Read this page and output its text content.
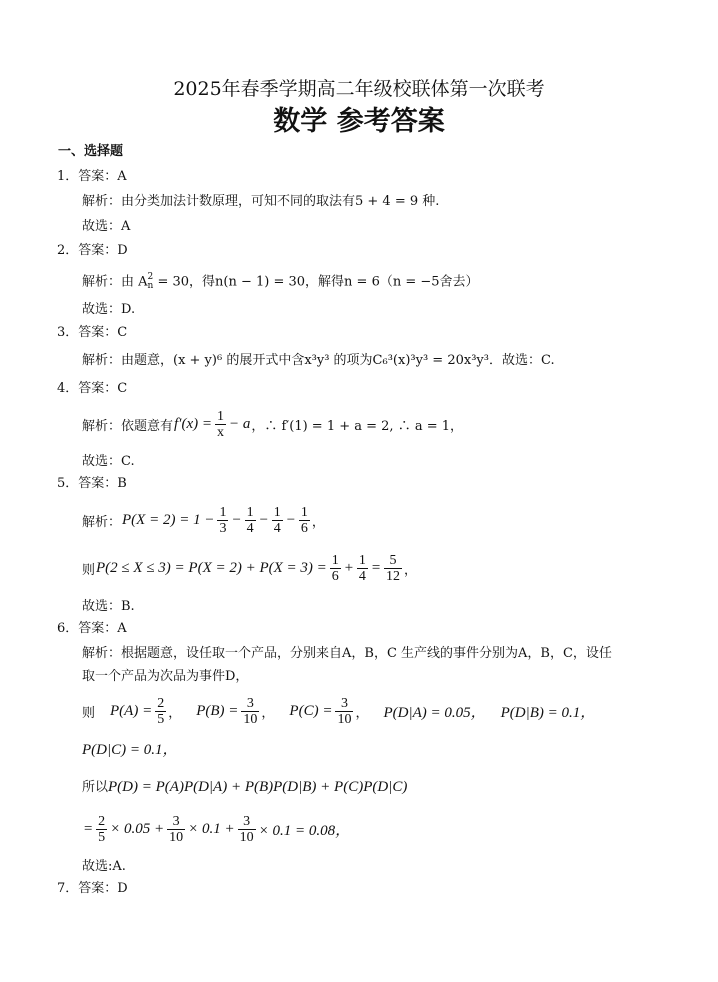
2025年春季学期高二年级校联体第一次联考
数学 参考答案
一、选择题
1．答案：A
解析：由分类加法计数原理，可知不同的取法有5 + 4 = 9 种.
故选：A
2．答案：D
解析：由 A 2
n = 30，得n(n − 1) = 30，解得n = 6（n = −5舍去）
故选：D.
3．答案：C
解析：由题意，(x + y)⁶ 的展开式中含x³y³ 的项为C₆³(x)³y³ = 20x³y³．故选：C.
4．答案：C
解析：依题意有 $f'(x) = \frac{1}{x} - a$ ，∴ f′(1) = 1 + a = 2, ∴ a = 1，
故选：C.
5．答案：B
解析： $P(X = 2) = 1 - \frac{1}{3} - \frac{1}{4} - \frac{1}{4} - \frac{1}{6}$ ，
则 $P(2 \le X \le 3) = P(X = 2) + P(X = 3) = \frac{1}{6} + \frac{1}{4} = \frac{5}{12}$ ，
故选：B.
6．答案：A
解析：根据题意，设任取一个产品，分别来自A，B，C 生产线的事件分别为A，B，C，设任
取一个产品为次品为事件D，
则 $P(A) = \frac{2}{5}$ ， $P(B) = \frac{3}{10}$ ， $P(C) = \frac{3}{10}$ ， P(D|A) = 0.05， P(D|B) = 0.1，
P(D|C) = 0.1，
所以P(D) = P(A)P(D|A) + P(B)P(D|B) + P(C)P(D|C)
= $\frac{2}{5} \times 0.05 + \frac{3}{10} \times 0.1 + \frac{3}{10} \times 0.1 = 0.08$，
故选:A.
7．答案：D
